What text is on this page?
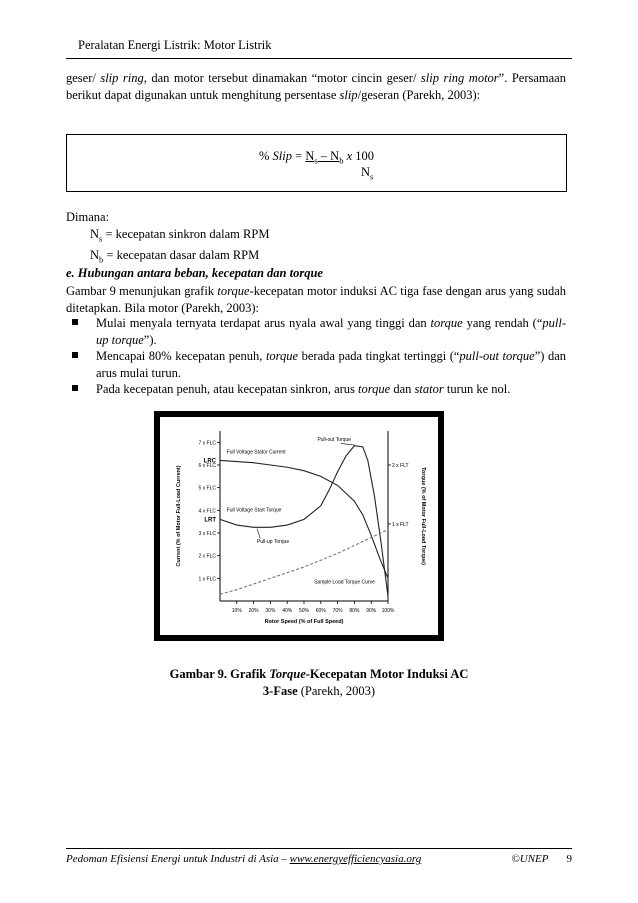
Peralatan Energi Listrik: Motor Listrik
geser/ slip ring, dan motor tersebut dinamakan “motor cincin geser/ slip ring motor”. Persamaan berikut dapat digunakan untuk menghitung persentase slip/geseran (Parekh, 2003):
% Slip = $N_s - N_b$ x 100
$N_s$
Dimana:
$N_s$ = kecepatan sinkron dalam RPM
$N_b$ = kecepatan dasar dalam RPM
e. Hubungan antara beban, kecepatan dan torque
Gambar 9 menunjukan grafik torque-kecepatan motor induksi AC tiga fase dengan arus yang sudah ditetapkan. Bila motor (Parekh, 2003):
Mulai menyala ternyata terdapat arus nyala awal yang tinggi dan torque yang rendah (“pull-up torque”).
Mencapai 80% kecepatan penuh, torque berada pada tingkat tertinggi (“pull-out torque”) dan arus mulai turun.
Pada kecepatan penuh, atau kecepatan sinkron, arus torque dan stator turun ke nol.
1 x FLC
2 x FLC
3 x FLC
4 x FLC
5 x FLC
6 x FLC
7 x FLC
1 x FLT
2 x FLT
10% 20% 30% 40% 50% 60% 70% 80% 90% 100%
LRC
LRT
Rotor Speed (% of Full Speed)
Current (% of Motor Full-Load Current)	Torque (% of Motor Full-Load Torque)
Pull-out Torque
Full Voltage Stator Current
Full Voltage Start Torque
Pull-up Torque
Sample Load Torque Curve
Gambar 9. Grafik Torque-Kecepatan Motor Induksi AC
3-Fase (Parekh, 2003)
Pedoman Efisiensi Energi untuk Industri di Asia – www.energyefficiencyasia.org	©UNEP 9
